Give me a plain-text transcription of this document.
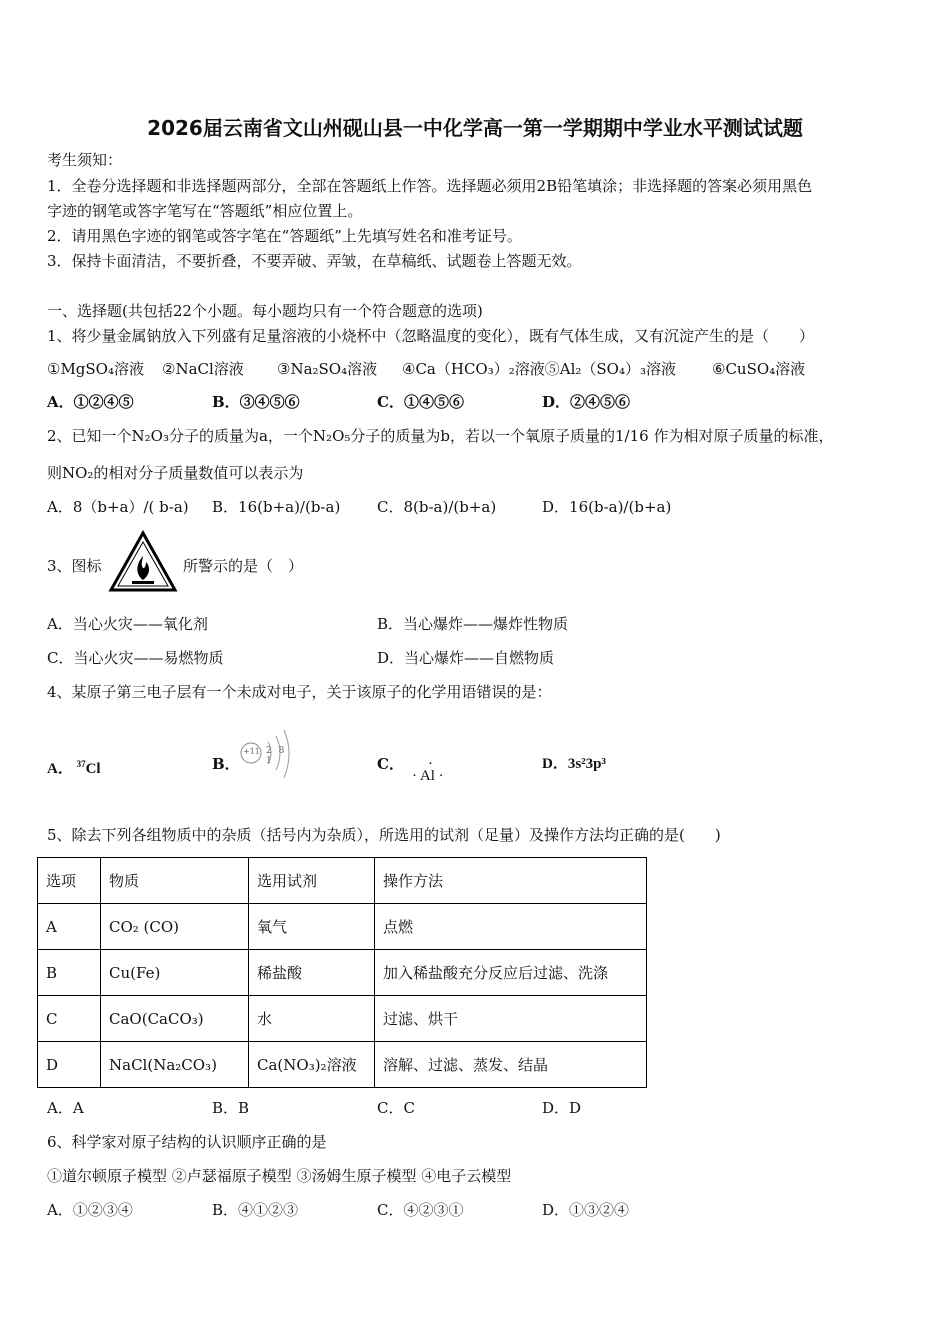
2026届云南省文山州砚山县一中化学高一第一学期期中学业水平测试试题
考生须知：
1．全卷分选择题和非选择题两部分，全部在答题纸上作答。选择题必须用2B铅笔填涂；非选择题的答案必须用黑色
字迹的钢笔或答字笔写在“答题纸”相应位置上。
2．请用黑色字迹的钢笔或答字笔在“答题纸”上先填写姓名和准考证号。
3．保持卡面清洁，不要折叠，不要弄破、弄皱，在草稿纸、试题卷上答题无效。
一、选择题(共包括22个小题。每小题均只有一个符合题意的选项)
1、将少量金属钠放入下列盛有足量溶液的小烧杯中（忽略温度的变化），既有气体生成，又有沉淀产生的是（　　）
①MgSO₄溶液 ②NaCl溶液 ③Na₂SO₄溶液 ④Ca（HCO₃）₂溶液⑤Al₂（SO₄）₃溶液 ⑥CuSO₄溶液
A．①②④⑤	B．③④⑤⑥	C．①④⑤⑥	D．②④⑤⑥
2、已知一个N₂O₃分子的质量为a，一个N₂O₅分子的质量为b，若以一个氧原子质量的1/16 作为相对原子质量的标准，
则NO₂的相对分子质量数值可以表示为
A．8（b+a）/( b-a) B．16(b+a)/(b-a) C．8(b-a)/(b+a)	D．16(b-a)/(b+a)
3、图标	所警示的是（　）
A．当心火灾——氧化剂	B．当心爆炸——爆炸性物质
C．当心火灾——易燃物质	D．当心爆炸——自燃物质
4、某原子第三电子层有一个未成对电子，关于该原子的化学用语错误的是：
A． $^{37}$Cl	B．
+11 2 8 1	C．
· Al ·
·	D．3s²3p³
5、除去下列各组物质中的杂质（括号内为杂质），所选用的试剂（足量）及操作方法均正确的是(　　)
选项	物质	选用试剂	操作方法
A	CO₂ (CO)	氧气	点燃
B	Cu(Fe)	稀盐酸	加入稀盐酸充分反应后过滤、洗涤
C	CaO(CaCO₃)	水	过滤、烘干
D	NaCl(Na₂CO₃)	Ca(NO₃)₂溶液	溶解、过滤、蒸发、结晶
A．A	B．B	C．C	D．D
6、科学家对原子结构的认识顺序正确的是
①道尔顿原子模型 ②卢瑟福原子模型 ③汤姆生原子模型 ④电子云模型
A．①②③④	B．④①②③	C．④②③①	D．①③②④
